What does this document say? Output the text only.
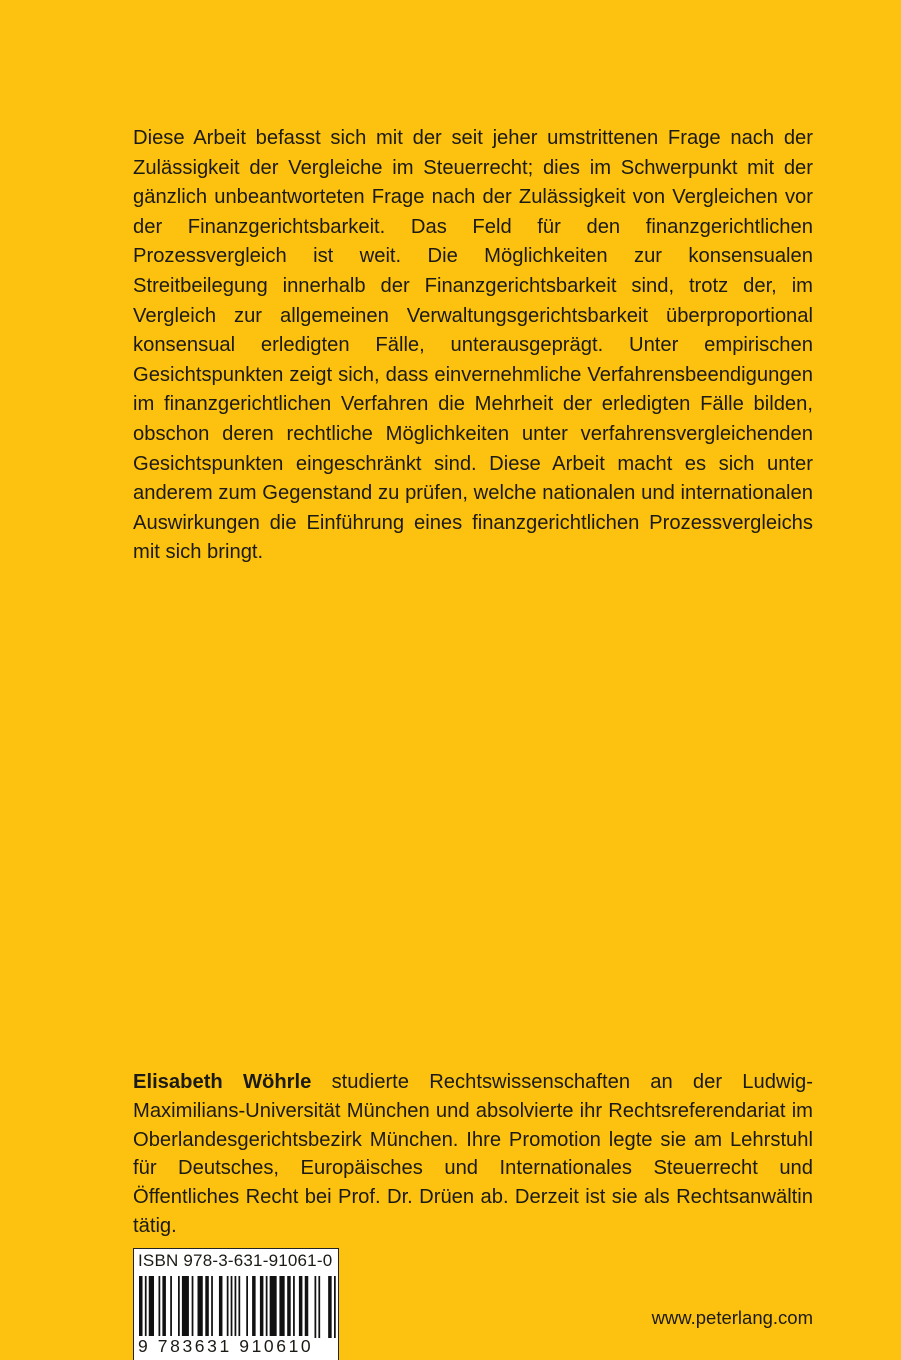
Diese Arbeit befasst sich mit der seit jeher umstrittenen Frage nach der Zulässigkeit der Vergleiche im Steuerrecht; dies im Schwerpunkt mit der gänzlich unbeantworteten Frage nach der Zulässigkeit von Vergleichen vor der Finanzgerichtsbarkeit. Das Feld für den finanzgerichtlichen Prozessvergleich ist weit. Die Möglichkeiten zur konsensualen Streitbeilegung innerhalb der Finanzgerichtsbarkeit sind, trotz der, im Vergleich zur allgemeinen Verwaltungsgerichtsbarkeit überproportional konsensual erledigten Fälle, unterausgeprägt. Unter empirischen Gesichtspunkten zeigt sich, dass einvernehmliche Verfahrensbeendigungen im finanzgerichtlichen Verfahren die Mehrheit der erledigten Fälle bilden, obschon deren rechtliche Möglichkeiten unter verfahrensvergleichenden Gesichtspunkten eingeschränkt sind. Diese Arbeit macht es sich unter anderem zum Gegenstand zu prüfen, welche nationalen und internationalen Auswirkungen die Einführung eines finanzgerichtlichen Prozessvergleichs mit sich bringt.

Elisabeth Wöhrle studierte Rechtswissenschaften an der Ludwig-Maximilians-Universität München und absolvierte ihr Rechtsreferendariat im Oberlandesgerichtsbezirk München. Ihre Promotion legte sie am Lehrstuhl für Deutsches, Europäisches und Internationales Steuerrecht und Öffentliches Recht bei Prof. Dr. Drüen ab. Derzeit ist sie als Rechtsanwältin tätig.

ISBN 978-3-631-91061-0
9 783631 910610
www.peterlang.com
